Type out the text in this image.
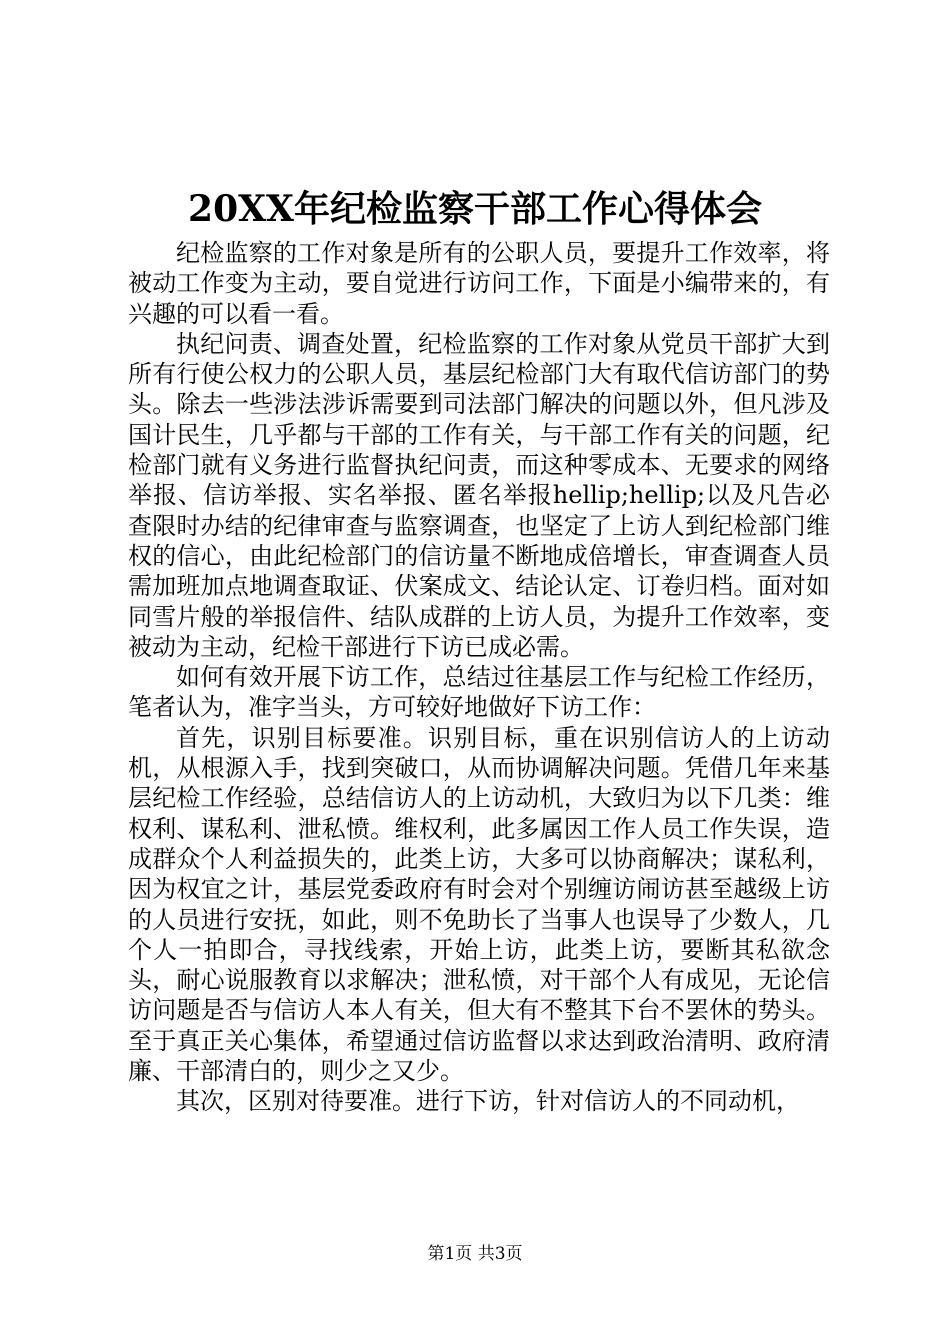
20XX年纪检监察干部工作心得体会

纪检监察的工作对象是所有的公职人员，要提升工作效率，将被动工作变为主动，要自觉进行访问工作，下面是小编带来的，有兴趣的可以看一看。

执纪问责、调查处置，纪检监察的工作对象从党员干部扩大到所有行使公权力的公职人员，基层纪检部门大有取代信访部门的势头。除去一些涉法涉诉需要到司法部门解决的问题以外，但凡涉及国计民生，几乎都与干部的工作有关，与干部工作有关的问题，纪检部门就有义务进行监督执纪问责，而这种零成本、无要求的网络举报、信访举报、实名举报、匿名举报hellip;hellip;以及凡告必查限时办结的纪律审查与监察调查，也坚定了上访人到纪检部门维权的信心，由此纪检部门的信访量不断地成倍增长，审查调查人员需加班加点地调查取证、伏案成文、结论认定、订卷归档。面对如同雪片般的举报信件、结队成群的上访人员，为提升工作效率，变被动为主动，纪检干部进行下访已成必需。

如何有效开展下访工作，总结过往基层工作与纪检工作经历，笔者认为，准字当头，方可较好地做好下访工作：

首先，识别目标要准。识别目标，重在识别信访人的上访动机，从根源入手，找到突破口，从而协调解决问题。凭借几年来基层纪检工作经验，总结信访人的上访动机，大致归为以下几类：维权利、谋私利、泄私愤。维权利，此多属因工作人员工作失误，造成群众个人利益损失的，此类上访，大多可以协商解决；谋私利，因为权宜之计，基层党委政府有时会对个别缠访闹访甚至越级上访的人员进行安抚，如此，则不免助长了当事人也误导了少数人，几个人一拍即合，寻找线索，开始上访，此类上访，要断其私欲念头，耐心说服教育以求解决；泄私愤，对干部个人有成见，无论信访问题是否与信访人本人有关，但大有不整其下台不罢休的势头。至于真正关心集体，希望通过信访监督以求达到政治清明、政府清廉、干部清白的，则少之又少。

其次，区别对待要准。进行下访，针对信访人的不同动机，

第1页 共3页
